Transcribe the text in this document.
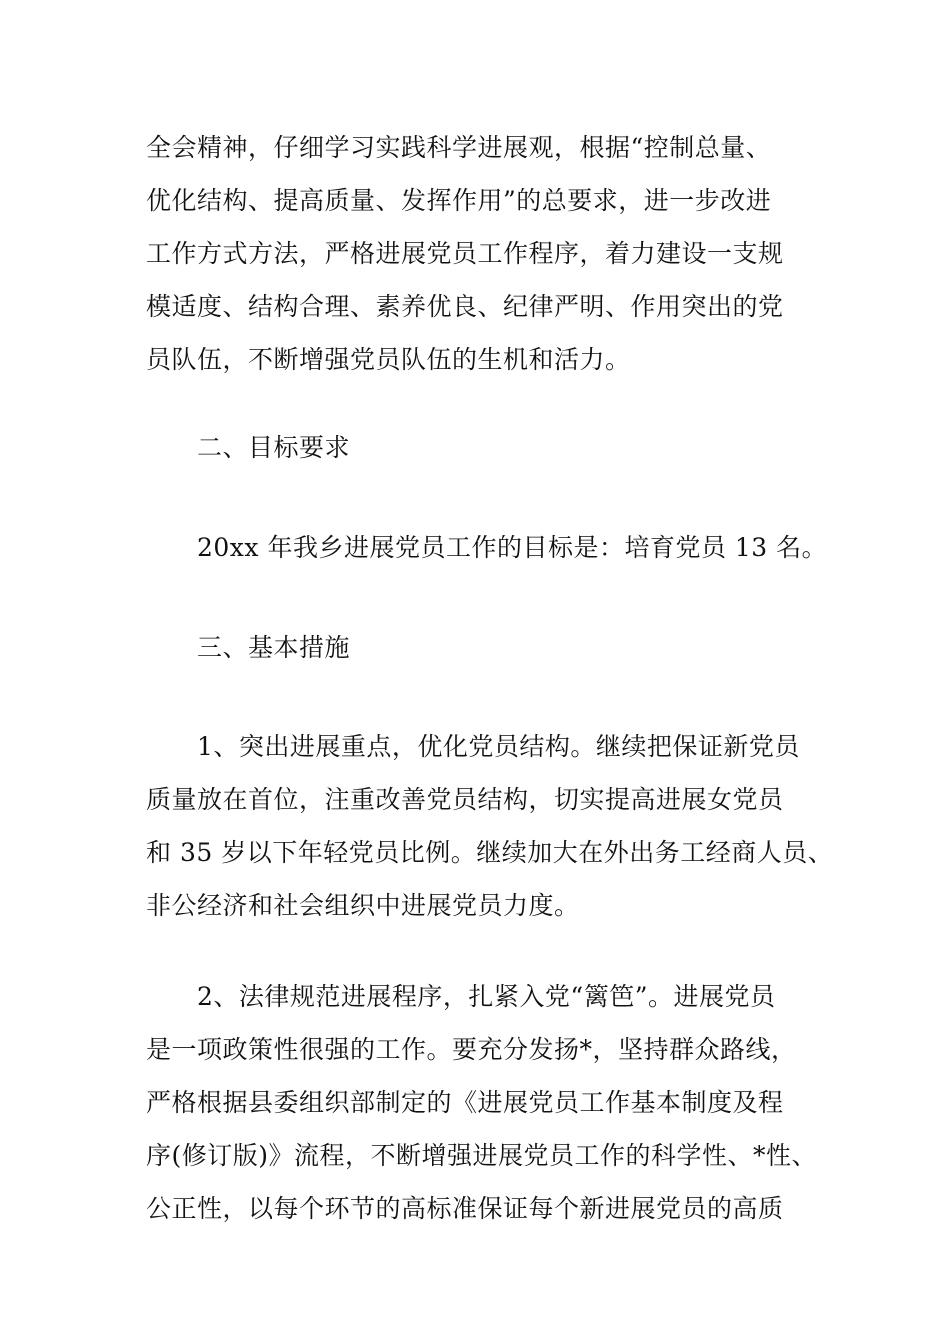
全会精神，仔细学习实践科学进展观，根据“控制总量、
优化结构、提高质量、发挥作用”的总要求，进一步改进
工作方式方法，严格进展党员工作程序，着力建设一支规
模适度、结构合理、素养优良、纪律严明、作用突出的党
员队伍，不断增强党员队伍的生机和活力。
　　二、目标要求
　　20xx 年我乡进展党员工作的目标是：培育党员 13 名。
　　三、基本措施
　　1、突出进展重点，优化党员结构。继续把保证新党员
质量放在首位，注重改善党员结构，切实提高进展女党员
和 35 岁以下年轻党员比例。继续加大在外出务工经商人员、
非公经济和社会组织中进展党员力度。
　　2、法律规范进展程序，扎紧入党“篱笆”。进展党员
是一项政策性很强的工作。要充分发扬*，坚持群众路线，
严格根据县委组织部制定的《进展党员工作基本制度及程
序(修订版)》流程，不断增强进展党员工作的科学性、*性、
公正性，以每个环节的高标准保证每个新进展党员的高质
